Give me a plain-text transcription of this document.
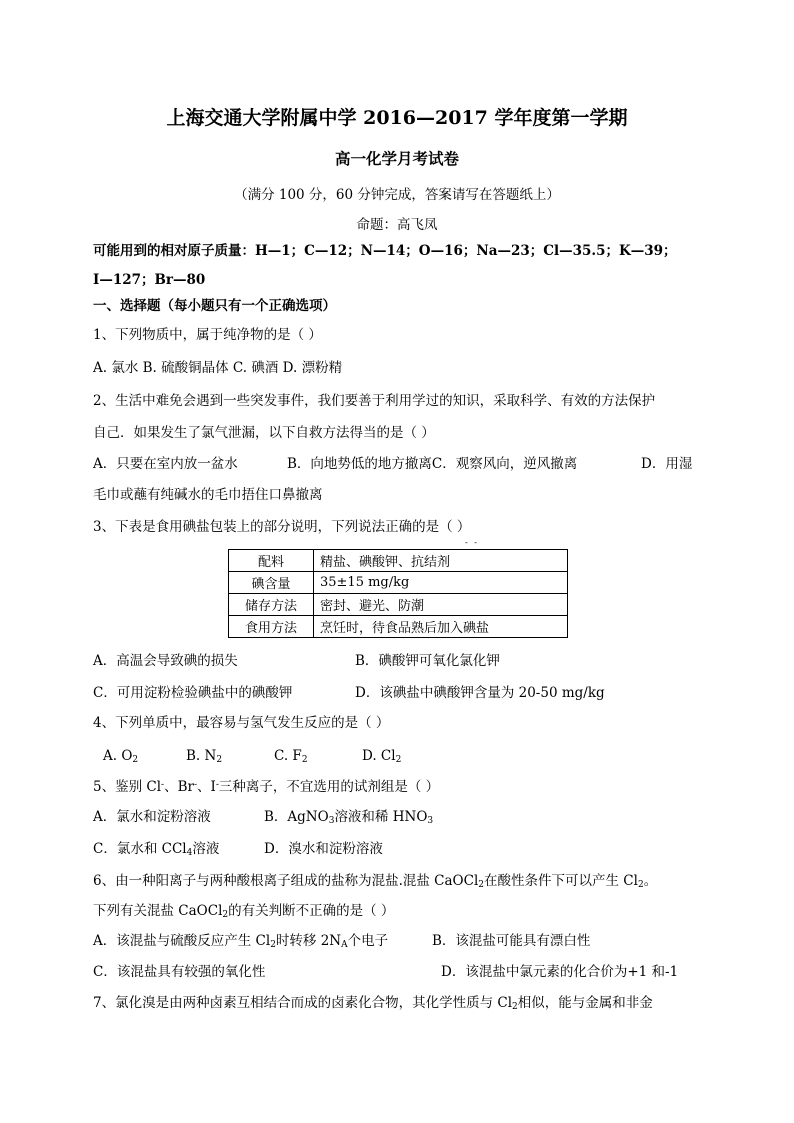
上海交通大学附属中学 2016—2017 学年度第一学期
高一化学月考试卷
（满分 100 分，60 分钟完成，答案请写在答题纸上）
命题：高飞凤
可能用到的相对原子质量：H—1；C—12；N—14；O—16；Na—23；Cl—35.5；K—39；
I—127；Br—80
一、选择题（每小题只有一个正确选项）
1、下列物质中，属于纯净物的是（ ）
A. 氯水 B. 硫酸铜晶体 C. 碘酒 D. 漂粉精
2、生活中难免会遇到一些突发事件，我们要善于利用学过的知识，采取科学、有效的方法保护
自己．如果发生了氯气泄漏，以下自救方法得当的是（ ）
A．只要在室内放一盆水	B．向地势低的地方撤离C．观察风向，逆风撤离	D．用湿
毛巾或蘸有纯碱水的毛巾捂住口鼻撤离
3、下表是食用碘盐包装上的部分说明，下列说法正确的是（ ）
- -
配料	精盐、碘酸钾、抗结剂
碘含量	35±15 mg/kg
储存方法	密封、避光、防潮
食用方法	烹饪时，待食品熟后加入碘盐
A．高温会导致碘的损失	B．碘酸钾可氧化氯化钾
C．可用淀粉检验碘盐中的碘酸钾	D．该碘盐中碘酸钾含量为 20-50 mg/kg
4、下列单质中，最容易与氢气发生反应的是（ ）
A. $O_2$	B. $N_2$	C. $F_2$	D. $Cl_2$
5、鉴别 Cl-、Br-、I-三种离子，不宜选用的试剂组是（ ）
A．氯水和淀粉溶液	B．AgNO$_3$溶液和稀 $HNO_3$
C．氯水和 CCl$_4$溶液	D．溴水和淀粉溶液
6、由一种阳离子与两种酸根离子组成的盐称为混盐.混盐 CaOCl$_2$在酸性条件下可以产生 $Cl_2$。
下列有关混盐 CaOCl$_2$的有关判断不正确的是（ ）
A．该混盐与硫酸反应产生 $Cl_2$时转移 $2N_A$个电子	B．该混盐可能具有漂白性
C．该混盐具有较强的氧化性	D．该混盐中氯元素的化合价为+1 和-1
7、氯化溴是由两种卤素互相结合而成的卤素化合物，其化学性质与 $Cl_2$相似，能与金属和非金
